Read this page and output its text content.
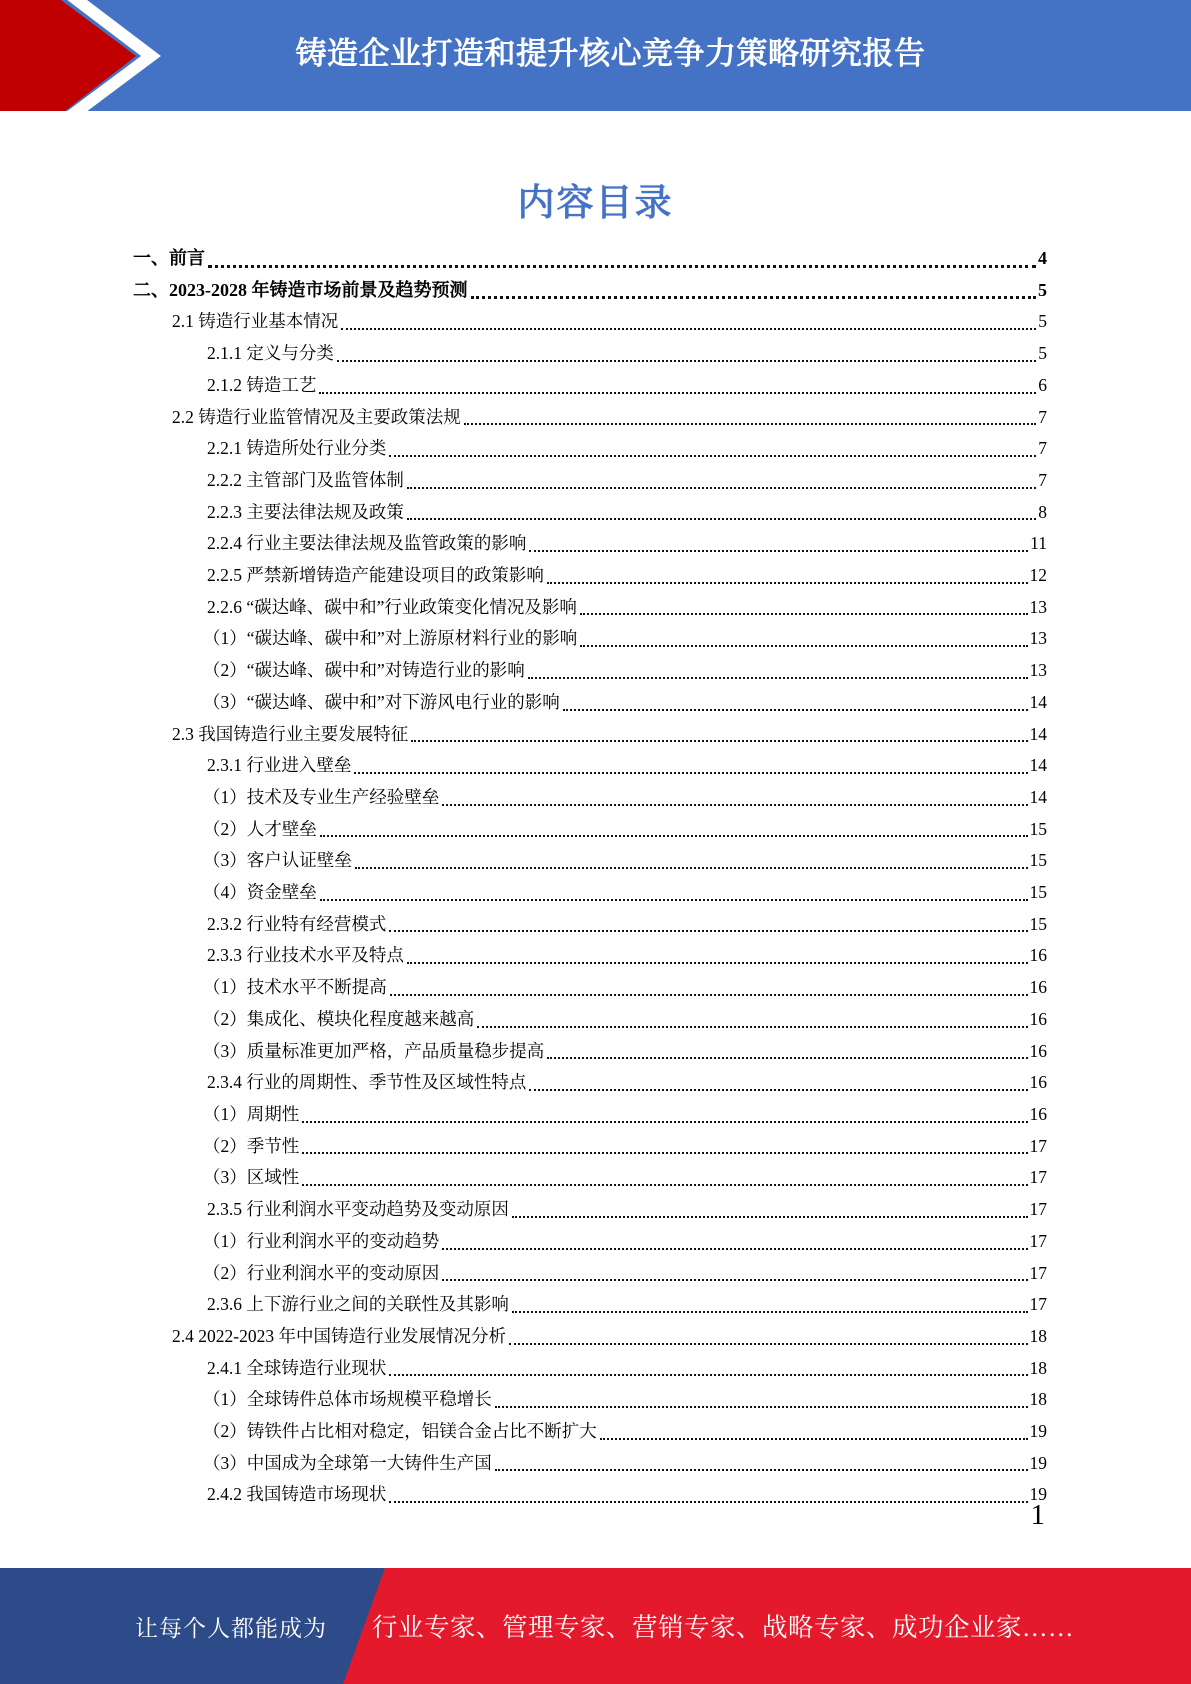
铸造企业打造和提升核心竞争力策略研究报告
内容目录
一、前言	4
二、2023-2028 年铸造市场前景及趋势预测	5
2.1 铸造行业基本情况	5
2.1.1 定义与分类	5
2.1.2 铸造工艺	6
2.2 铸造行业监管情况及主要政策法规	7
2.2.1 铸造所处行业分类	7
2.2.2 主管部门及监管体制	7
2.2.3 主要法律法规及政策	8
2.2.4 行业主要法律法规及监管政策的影响	11
2.2.5 严禁新增铸造产能建设项目的政策影响	12
2.2.6 “碳达峰、碳中和”行业政策变化情况及影响	13
（1）“碳达峰、碳中和”对上游原材料行业的影响	13
（2）“碳达峰、碳中和”对铸造行业的影响	13
（3）“碳达峰、碳中和”对下游风电行业的影响	14
2.3 我国铸造行业主要发展特征	14
2.3.1 行业进入壁垒	14
（1）技术及专业生产经验壁垒	14
（2）人才壁垒	15
（3）客户认证壁垒	15
（4）资金壁垒	15
2.3.2 行业特有经营模式	15
2.3.3 行业技术水平及特点	16
（1）技术水平不断提高	16
（2）集成化、模块化程度越来越高	16
（3）质量标准更加严格，产品质量稳步提高	16
2.3.4 行业的周期性、季节性及区域性特点	16
（1）周期性	16
（2）季节性	17
（3）区域性	17
2.3.5 行业利润水平变动趋势及变动原因	17
（1）行业利润水平的变动趋势	17
（2）行业利润水平的变动原因	17
2.3.6 上下游行业之间的关联性及其影响	17
2.4 2022-2023 年中国铸造行业发展情况分析	18
2.4.1 全球铸造行业现状	18
（1）全球铸件总体市场规模平稳增长	18
（2）铸铁件占比相对稳定，铝镁合金占比不断扩大	19
（3）中国成为全球第一大铸件生产国	19
2.4.2 我国铸造市场现状	19
1
让每个人都能成为 行业专家、管理专家、营销专家、战略专家、成功企业家……
